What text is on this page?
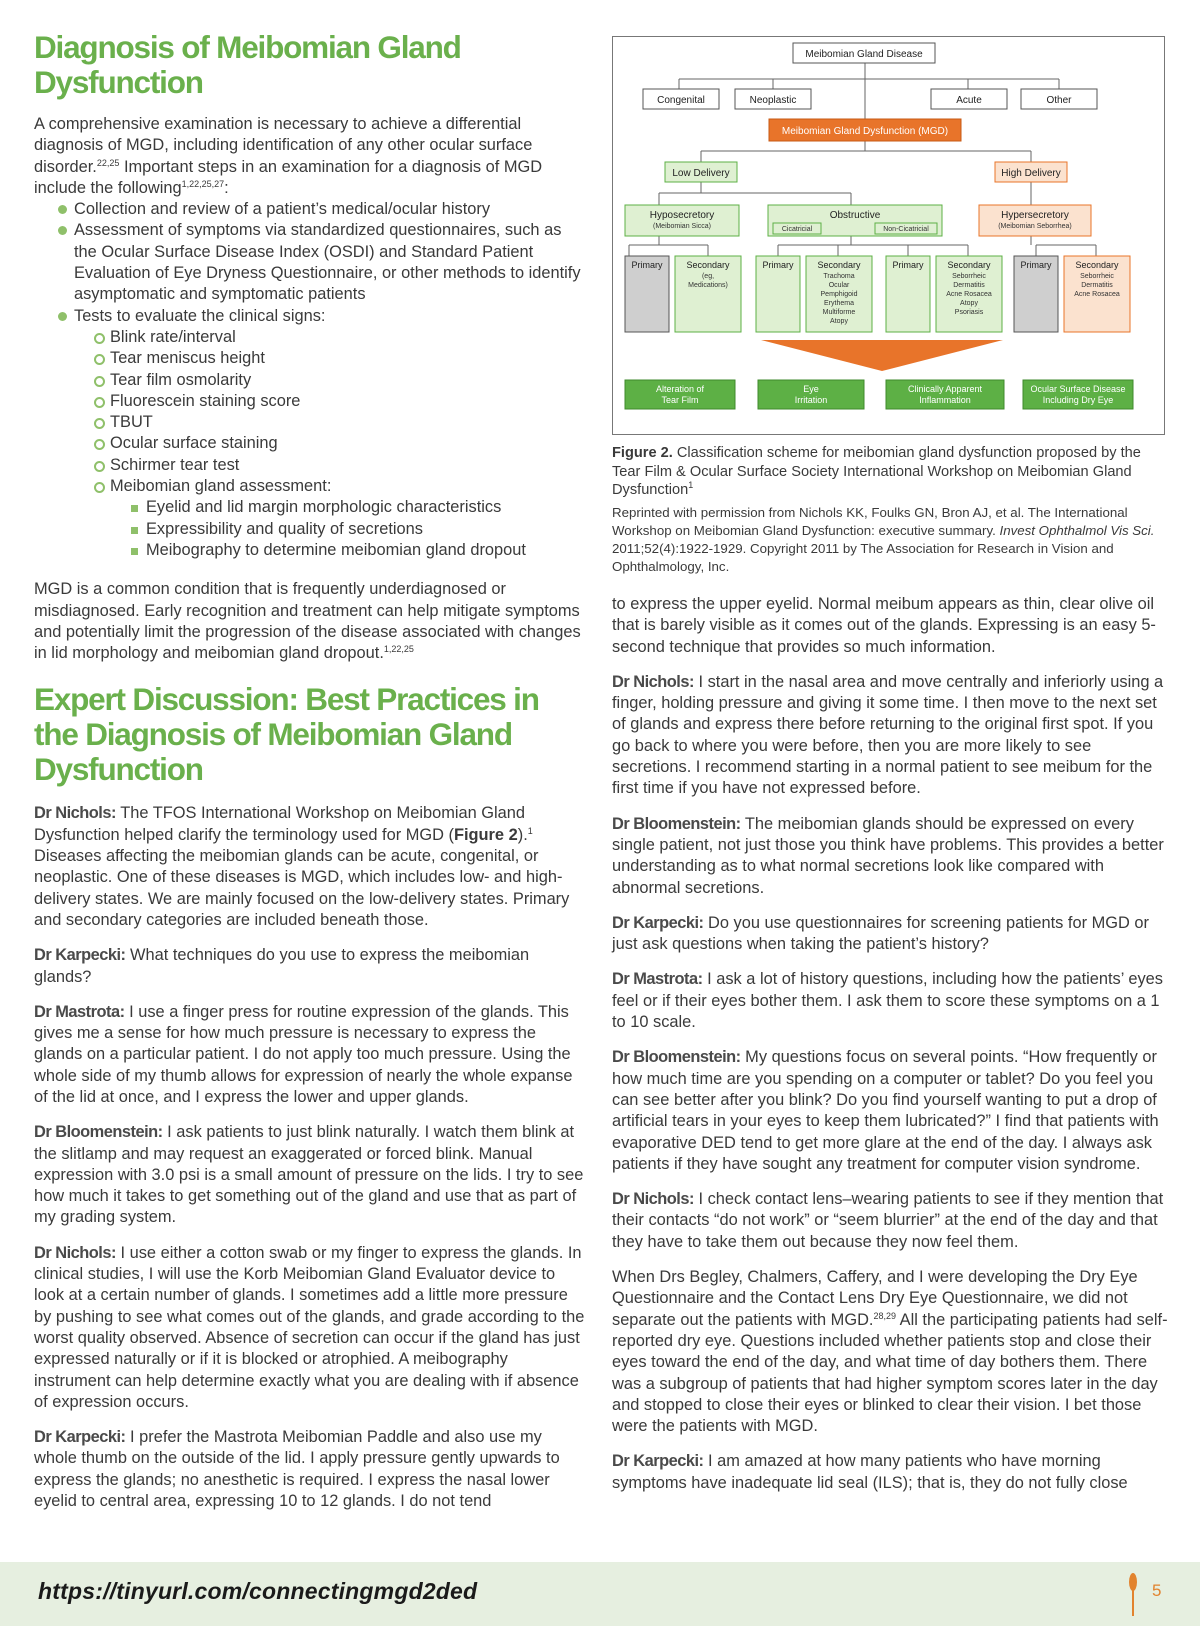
Diagnosis of Meibomian Gland Dysfunction

A comprehensive examination is necessary to achieve a differential diagnosis of MGD, including identification of any other ocular surface disorder.$^{22,25}$ Important steps in an examination for a diagnosis of MGD include the following$^{1,22,25,27}$:

Collection and review of a patient’s medical/ocular history
Assessment of symptoms via standardized questionnaires, such as the Ocular Surface Disease Index (OSDI) and Standard Patient Evaluation of Eye Dryness Questionnaire, or other methods to identify asymptomatic and symptomatic patients
Tests to evaluate the clinical signs:
Blink rate/interval
Tear meniscus height
Tear film osmolarity
Fluorescein staining score
TBUT
Ocular surface staining
Schirmer tear test
Meibomian gland assessment:
Eyelid and lid margin morphologic characteristics
Expressibility and quality of secretions
Meibography to determine meibomian gland dropout

MGD is a common condition that is frequently underdiagnosed or misdiagnosed. Early recognition and treatment can help mitigate symptoms and potentially limit the progression of the disease associated with changes in lid morphology and meibomian gland dropout.$^{1,22,25}$

Expert Discussion: Best Practices in the Diagnosis of Meibomian Gland Dysfunction

Dr Nichols: The TFOS International Workshop on Meibomian Gland Dysfunction helped clarify the terminology used for MGD (Figure 2).$^1$ Diseases affecting the meibomian glands can be acute, congenital, or neoplastic. One of these diseases is MGD, which includes low- and high-delivery states. We are mainly focused on the low-delivery states. Primary and secondary categories are included beneath those.

Dr Karpecki: What techniques do you use to express the meibomian glands?

Dr Mastrota: I use a finger press for routine expression of the glands. This gives me a sense for how much pressure is necessary to express the glands on a particular patient. I do not apply too much pressure. Using the whole side of my thumb allows for expression of nearly the whole expanse of the lid at once, and I express the lower and upper glands.

Dr Bloomenstein: I ask patients to just blink naturally. I watch them blink at the slitlamp and may request an exaggerated or forced blink. Manual expression with 3.0 psi is a small amount of pressure on the lids. I try to see how much it takes to get something out of the gland and use that as part of my grading system.

Dr Nichols: I use either a cotton swab or my finger to express the glands. In clinical studies, I will use the Korb Meibomian Gland Evaluator device to look at a certain number of glands. I sometimes add a little more pressure by pushing to see what comes out of the glands, and grade according to the worst quality observed. Absence of secretion can occur if the gland has just expressed naturally or if it is blocked or atrophied. A meibography instrument can help determine exactly what you are dealing with if absence of expression occurs.

Dr Karpecki: I prefer the Mastrota Meibomian Paddle and also use my whole thumb on the outside of the lid. I apply pressure gently upwards to express the glands; no anesthetic is required. I express the nasal lower eyelid to central area, expressing 10 to 12 glands. I do not tend

Meibomian Gland Disease
Congenital	Neoplastic	Acute	Other
Meibomian Gland Dysfunction (MGD)
Low Delivery	High Delivery
Hyposecretory
(Meibomian Sicca)
Obstructive
Cicatricial	Non-Cicatricial
Hypersecretory
(Meibomian Seborrhea)
Primary	Secondary
(eg,
Medications)
Primary	Secondary
Trachoma
Ocular
Pemphigoid
Erythema
Multiforme
Atopy
Primary	Secondary
Seborrheic
Dermatitis
Acne Rosacea
Atopy
Psoriasis
Primary	Secondary
Seborrheic
Dermatitis
Acne Rosacea
Alteration of
Tear Film
Eye
Irritation
Clinically Apparent
Inflammation
Ocular Surface Disease
Including Dry Eye

Figure 2. Classification scheme for meibomian gland dysfunction proposed by the Tear Film & Ocular Surface Society International Workshop on Meibomian Gland Dysfunction$^1$

Reprinted with permission from Nichols KK, Foulks GN, Bron AJ, et al. The International Workshop on Meibomian Gland Dysfunction: executive summary. Invest Ophthalmol Vis Sci. 2011;52(4):1922-1929. Copyright 2011 by The Association for Research in Vision and Ophthalmology, Inc.

to express the upper eyelid. Normal meibum appears as thin, clear olive oil that is barely visible as it comes out of the glands. Expressing is an easy 5-second technique that provides so much information.

Dr Nichols: I start in the nasal area and move centrally and inferiorly using a finger, holding pressure and giving it some time. I then move to the next set of glands and express there before returning to the original first spot. If you go back to where you were before, then you are more likely to see secretions. I recommend starting in a normal patient to see meibum for the first time if you have not expressed before.

Dr Bloomenstein: The meibomian glands should be expressed on every single patient, not just those you think have problems. This provides a better understanding as to what normal secretions look like compared with abnormal secretions.

Dr Karpecki: Do you use questionnaires for screening patients for MGD or just ask questions when taking the patient’s history?

Dr Mastrota: I ask a lot of history questions, including how the patients’ eyes feel or if their eyes bother them. I ask them to score these symptoms on a 1 to 10 scale.

Dr Bloomenstein: My questions focus on several points. “How frequently or how much time are you spending on a computer or tablet? Do you feel you can see better after you blink? Do you find yourself wanting to put a drop of artificial tears in your eyes to keep them lubricated?” I find that patients with evaporative DED tend to get more glare at the end of the day. I always ask patients if they have sought any treatment for computer vision syndrome.

Dr Nichols: I check contact lens–wearing patients to see if they mention that their contacts “do not work” or “seem blurrier” at the end of the day and that they have to take them out because they now feel them.

When Drs Begley, Chalmers, Caffery, and I were developing the Dry Eye Questionnaire and the Contact Lens Dry Eye Questionnaire, we did not separate out the patients with MGD.$^{28,29}$ All the participating patients had self-reported dry eye. Questions included whether patients stop and close their eyes toward the end of the day, and what time of day bothers them. There was a subgroup of patients that had higher symptom scores later in the day and stopped to close their eyes or blinked to clear their vision. I bet those were the patients with MGD.

Dr Karpecki: I am amazed at how many patients who have morning symptoms have inadequate lid seal (ILS); that is, they do not fully close

https://tinyurl.com/connectingmgd2ded	5
